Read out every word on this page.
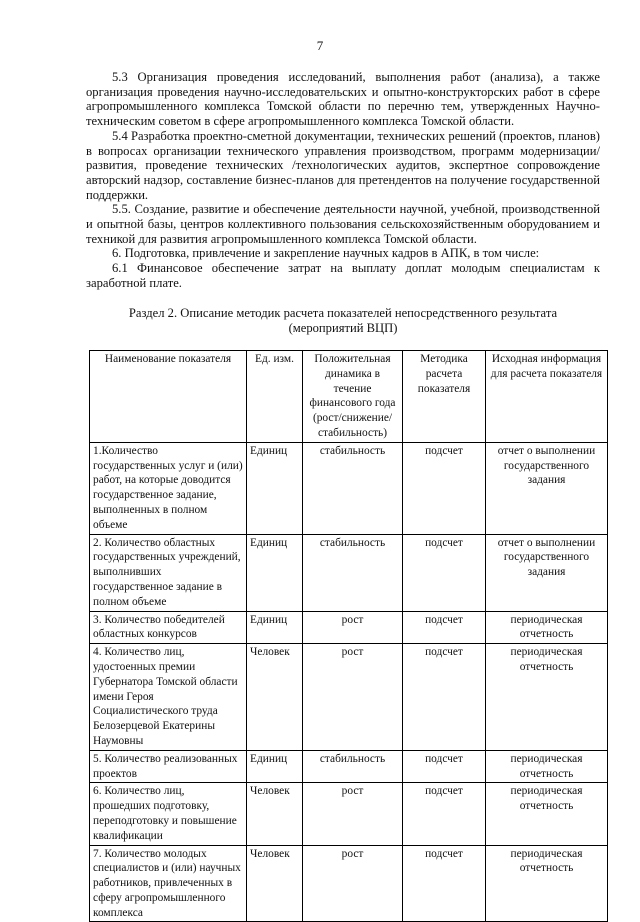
7

5.3 Организация проведения исследований, выполнения работ (анализа), а также организация проведения научно-исследовательских и опытно-конструкторских работ в сфере агропромышленного комплекса Томской области по перечню тем, утвержденных Научно-техническим советом в сфере агропромышленного комплекса Томской области.

5.4 Разработка проектно-сметной документации, технических решений (проектов, планов) в вопросах организации технического управления производством, программ модернизации/развития, проведение технических /технологических аудитов, экспертное сопровождение авторский надзор, составление бизнес-планов для претендентов на получение государственной поддержки.

5.5. Создание, развитие и обеспечение деятельности научной, учебной, производственной и опытной базы, центров коллективного пользования сельскохозяйственным оборудованием и техникой для развития агропромышленного комплекса Томской области.

6. Подготовка, привлечение и закрепление научных кадров в АПК, в том числе:

6.1 Финансовое обеспечение затрат на выплату доплат молодым специалистам к заработной плате.

Раздел 2. Описание методик расчета показателей непосредственного результата
(мероприятий ВЦП)
Наименование показателя	Ед. изм.	Положительная динамика в течение финансового года (рост/снижение/стабильность)	Методика расчета показателя	Исходная информация для расчета показателя
1.Количество государственных услуг и (или) работ, на которые доводится государственное задание, выполненных в полном объеме	Единиц	стабильность	подсчет	отчет о выполнении государственного задания
2. Количество областных государственных учреждений, выполнивших государственное задание в полном объеме	Единиц	стабильность	подсчет	отчет о выполнении государственного задания
3. Количество победителей областных конкурсов	Единиц	рост	подсчет	периодическая отчетность
4. Количество лиц, удостоенных премии Губернатора Томской области имени Героя Социалистического труда Белозерцевой Екатерины Наумовны	Человек	рост	подсчет	периодическая отчетность
5. Количество реализованных проектов	Единиц	стабильность	подсчет	периодическая отчетность
6. Количество лиц, прошедших подготовку, переподготовку и повышение квалификации	Человек	рост	подсчет	периодическая отчетность
7. Количество молодых специалистов и (или) научных работников, привлеченных в сферу агропромышленного комплекса	Человек	рост	подсчет	периодическая отчетность
